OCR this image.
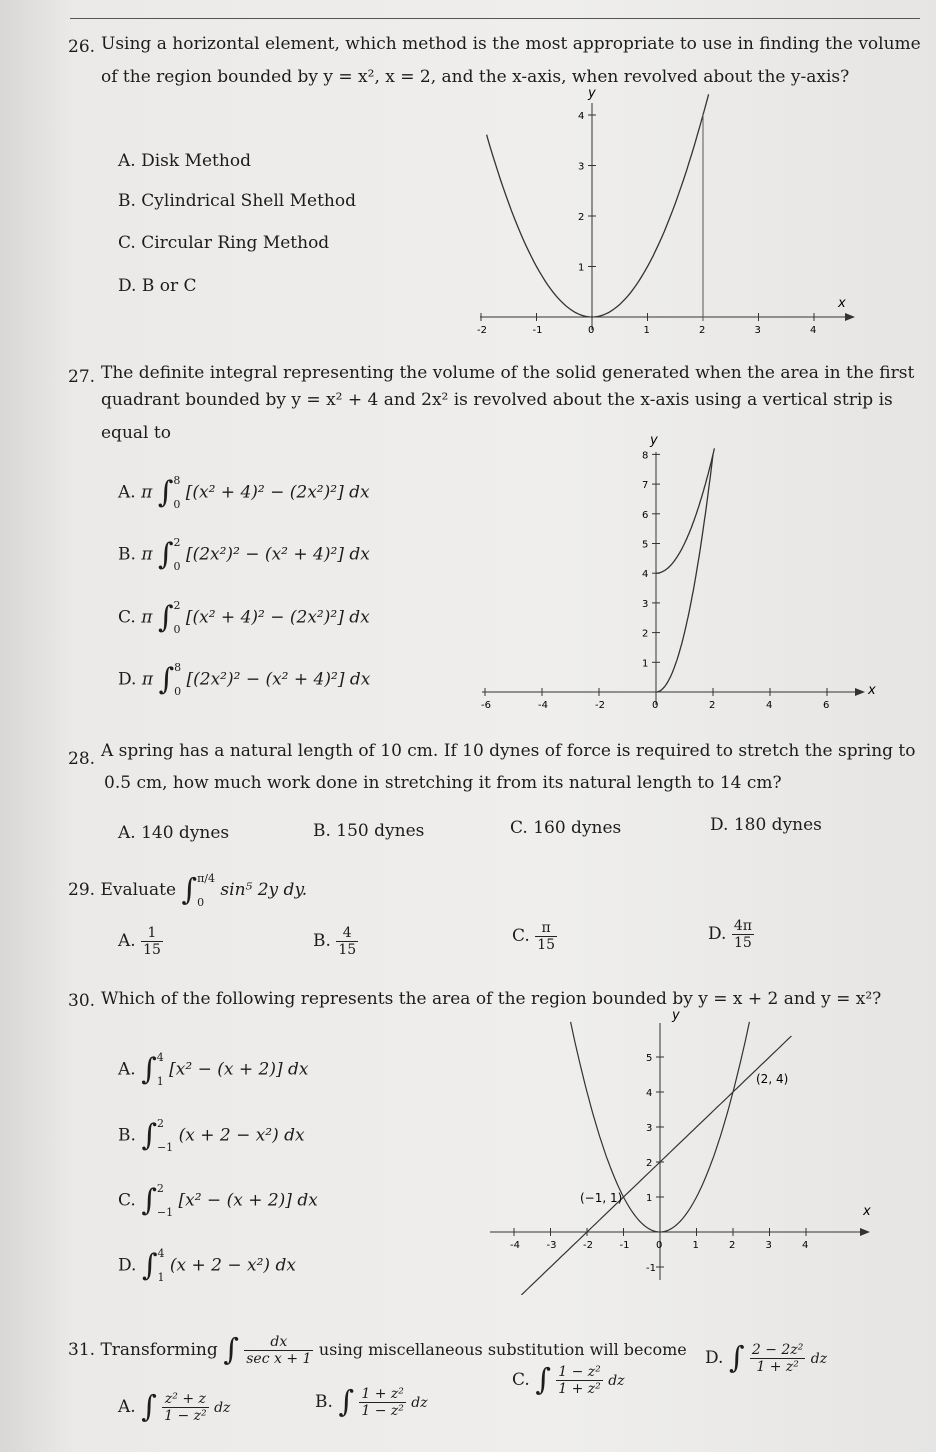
26. Using a horizontal element, which method is the most appropriate to use in finding the volume
of the region bounded by y = x², x = 2, and the x-axis, when revolved about the y-axis?
A. Disk Method
B. Cylindrical Shell Method
C. Circular Ring Method
D. B or C
x
y
-2	-1	0	1	2	3	4
1
2
3
4
27. The definite integral representing the volume of the solid generated when the area in the first
quadrant bounded by y = x² + 4 and 2x² is revolved about the x-axis using a vertical strip is
equal to
A. π ∫8

0 [(x² + 4)² − (2x²)²] dx
B. π ∫2

0 [(2x²)² − (x² + 4)²] dx
C. π ∫2

0 [(x² + 4)² − (2x²)²] dx
D. π ∫8

0 [(2x²)² − (x² + 4)²] dx
x
y
-6	-4	-2	0	2	4	6
1
2
3
4
5
6
7
8
28. A spring has a natural length of 10 cm. If 10 dynes of force is required to stretch the spring to
0.5 cm, how much work done in stretching it from its natural length to 14 cm?
A. 140 dynes	B. 150 dynes	C. 160 dynes	D. 180 dynes
29. Evaluate ∫π/4

0 sin⁵ 2y dy.
A. $\frac{1}{15}$	B. $\frac{4}{15}$	C. $\frac{\pi}{15}$	D. $\frac{4\pi}{15}$
30. Which of the following represents the area of the region bounded by y = x + 2 and y = x²?
A. ∫4

1 [x² − (x + 2)] dx
B. ∫2

−1 (x + 2 − x²) dx
C. ∫2

−1 [x² − (x + 2)] dx
D. ∫4

1 (x + 2 − x²) dx
x
y
-4	-3	-2	-1	0	1	2	3	4
-1
1
2
3
4
5
(−1, 1)
(2, 4)
31. Transforming ∫ $\frac{dx}{\text{sec x + 1}}$ using miscellaneous substitution will become
A. ∫ $\frac{\text{z² + z}}{\text{1 − z²}}$ dz	B. ∫ $\frac{\text{1 + z²}}{\text{1 − z²}}$ dz
C. ∫ $\frac{\text{1 − z²}}{\text{1 + z²}}$ dz
D. ∫ $\frac{\text{2 − 2z²}}{\text{1 + z²}}$ dz
